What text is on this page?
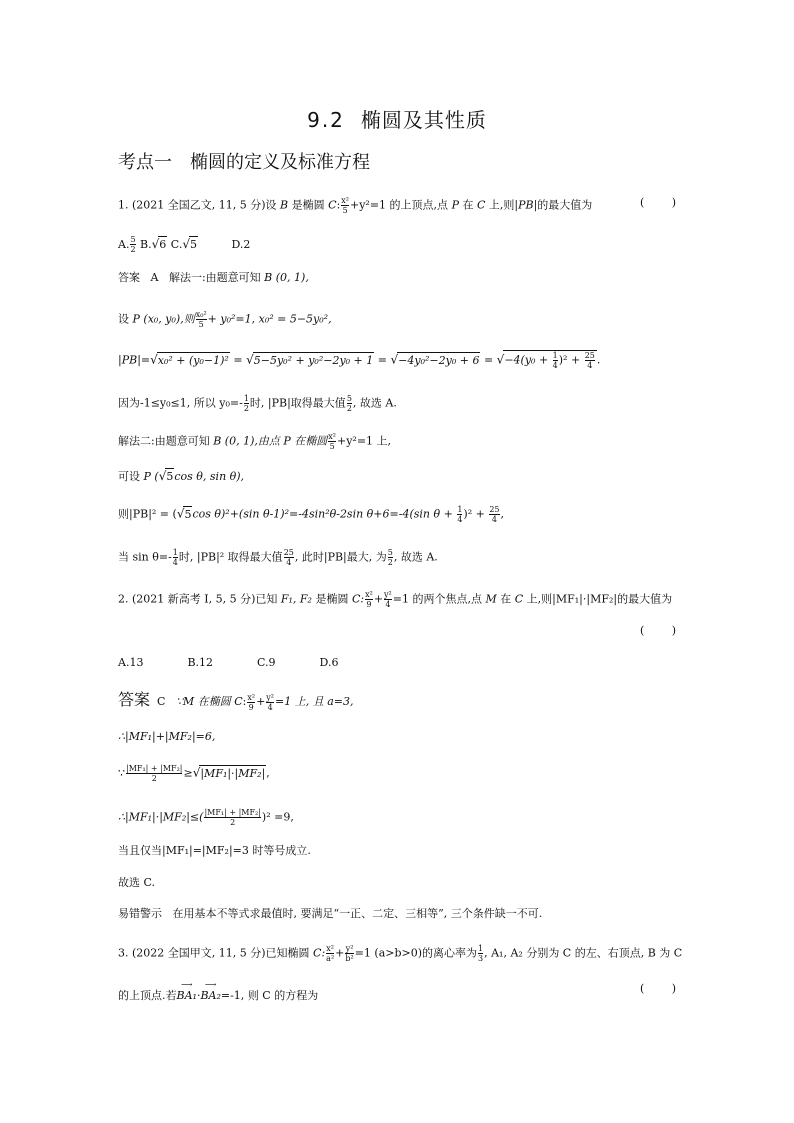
9.2 椭圆及其性质
考点一 椭圆的定义及标准方程
1. (2021 全国乙文, 11, 5 分)设 B 是椭圆 C: $\frac{\text{x²}}{5} +y^2=1$ 的上顶点,点 P 在 C 上,则|PB|的最大值为	( )
A. $\frac{5}{2} B.√6$ C.√5	D.2
答案 A 解法一:由题意可知 B (0, 1),
设 P (x₀, y₀),则 $\frac{\text{x₀²}}{5} + y_0^2=1$, x₀² = 5−5y₀²,
$|PB|=√x_0^2 + (y_0-1)^2 = √5-5y_0^2 + y_0^2-2y_0 + 1 = √-4y_0^2-2y_0 + 6 = √-4(y_0 + \frac{1}{4} )^2 + \frac{25}{4}$ .
因为-1≤y₀≤1, 所以 $y_0=- \frac{1}{2}$ 时, |PB|取得最大值 $\frac{5}{2}$ , 故选 A.
解法二:由题意可知 B (0, 1),由点 P 在椭圆 $\frac{\text{x²}}{5} +y^2=1$ 上,
可设 P (√5cos θ, sin θ),
则|PB|² = (√5cos θ)²+(sin θ-1)²=-4sin²θ-2sin θ+6=-4(sin $\theta + \frac{1}{4} )^2 + \frac{25}{4}$ ,
当 $\sin \theta=- \frac{1}{4}$ 时, |PB|² 取得最大值 $\frac{25}{4}$ , 此时|PB|最大, 为 $\frac{5}{2}$ , 故选 A.
2. (2021 新高考 I, 5, 5 分)已知 F₁, F₂ 是椭圆 C: $\frac{\text{x²}}{9} + \frac{\text{y²}}{4} =1$ 的两个焦点,点 M 在 C 上,则|MF₁|·|MF₂|的最大值为
( )
A.13	B.12	C.9	D.6
答案 C ∵M 在椭圆 C: $\frac{\text{x²}}{9} + \frac{\text{y²}}{4} =1$ 上, 且 a=3,
∴|MF₁|+|MF₂|=6,
∵ $\frac{\text{|MF₁| + |MF₂|}}{2} \ge√|MF_1|\cdot|MF_2|$,
∴|MF₁|·|MF₂|≤( $\frac{\text{|MF₁| + |MF₂|}}{2} )^2 =9$,
当且仅当|MF₁|=|MF₂|=3 时等号成立.
故选 C.
易错警示 在用基本不等式求最值时, 要满足“一正、二定、三相等”, 三个条件缺一不可.
3. (2022 全国甲文, 11, 5 分)已知椭圆 C: $\frac{\text{x²}}{\text{a²}} + \frac{\text{y²}}{\text{b²}} =1$ (a>b>0)的离心率为 $\frac{1}{3}$ , A₁, A₂ 分别为 C 的左、右顶点, B 为 C
的上顶点.若
⟶
BA₁·
⟶
BA₂=-1, 则 C 的方程为
( )
